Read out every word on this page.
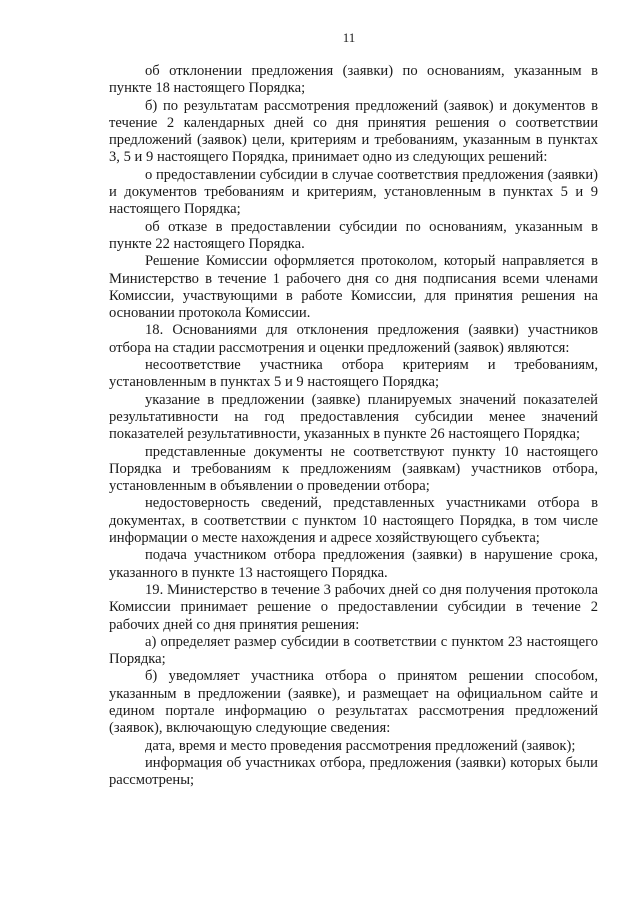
11

об отклонении предложения (заявки) по основаниям, указанным в пункте 18 настоящего Порядка;

б) по результатам рассмотрения предложений (заявок) и документов в течение 2 календарных дней со дня принятия решения о соответствии предложений (заявок) цели, критериям и требованиям, указанным в пунктах 3, 5 и 9 настоящего Порядка, принимает одно из следующих решений:

о предоставлении субсидии в случае соответствия предложения (заявки) и документов требованиям и критериям, установленным в пунктах 5 и 9 настоящего Порядка;

об отказе в предоставлении субсидии по основаниям, указанным в пункте 22 настоящего Порядка.

Решение Комиссии оформляется протоколом, который направляется в Министерство в течение 1 рабочего дня со дня подписания всеми членами Комиссии, участвующими в работе Комиссии, для принятия решения на основании протокола Комиссии.

18. Основаниями для отклонения предложения (заявки) участников отбора на стадии рассмотрения и оценки предложений (заявок) являются:

несоответствие участника отбора критериям и требованиям, установленным в пунктах 5 и 9 настоящего Порядка;

указание в предложении (заявке) планируемых значений показателей результативности на год предоставления субсидии менее значений показателей результативности, указанных в пункте 26 настоящего Порядка;

представленные документы не соответствуют пункту 10 настоящего Порядка и требованиям к предложениям (заявкам) участников отбора, установленным в объявлении о проведении отбора;

недостоверность сведений, представленных участниками отбора в документах, в соответствии с пунктом 10 настоящего Порядка, в том числе информации о месте нахождения и адресе хозяйствующего субъекта;

подача участником отбора предложения (заявки) в нарушение срока, указанного в пункте 13 настоящего Порядка.

19. Министерство в течение 3 рабочих дней со дня получения протокола Комиссии принимает решение о предоставлении субсидии в течение 2 рабочих дней со дня принятия решения:

а) определяет размер субсидии в соответствии с пунктом 23 настоящего Порядка;

б) уведомляет участника отбора о принятом решении способом, указанным в предложении (заявке), и размещает на официальном сайте и едином портале информацию о результатах рассмотрения предложений (заявок), включающую следующие сведения:

дата, время и место проведения рассмотрения предложений (заявок);

информация об участниках отбора, предложения (заявки) которых были рассмотрены;
